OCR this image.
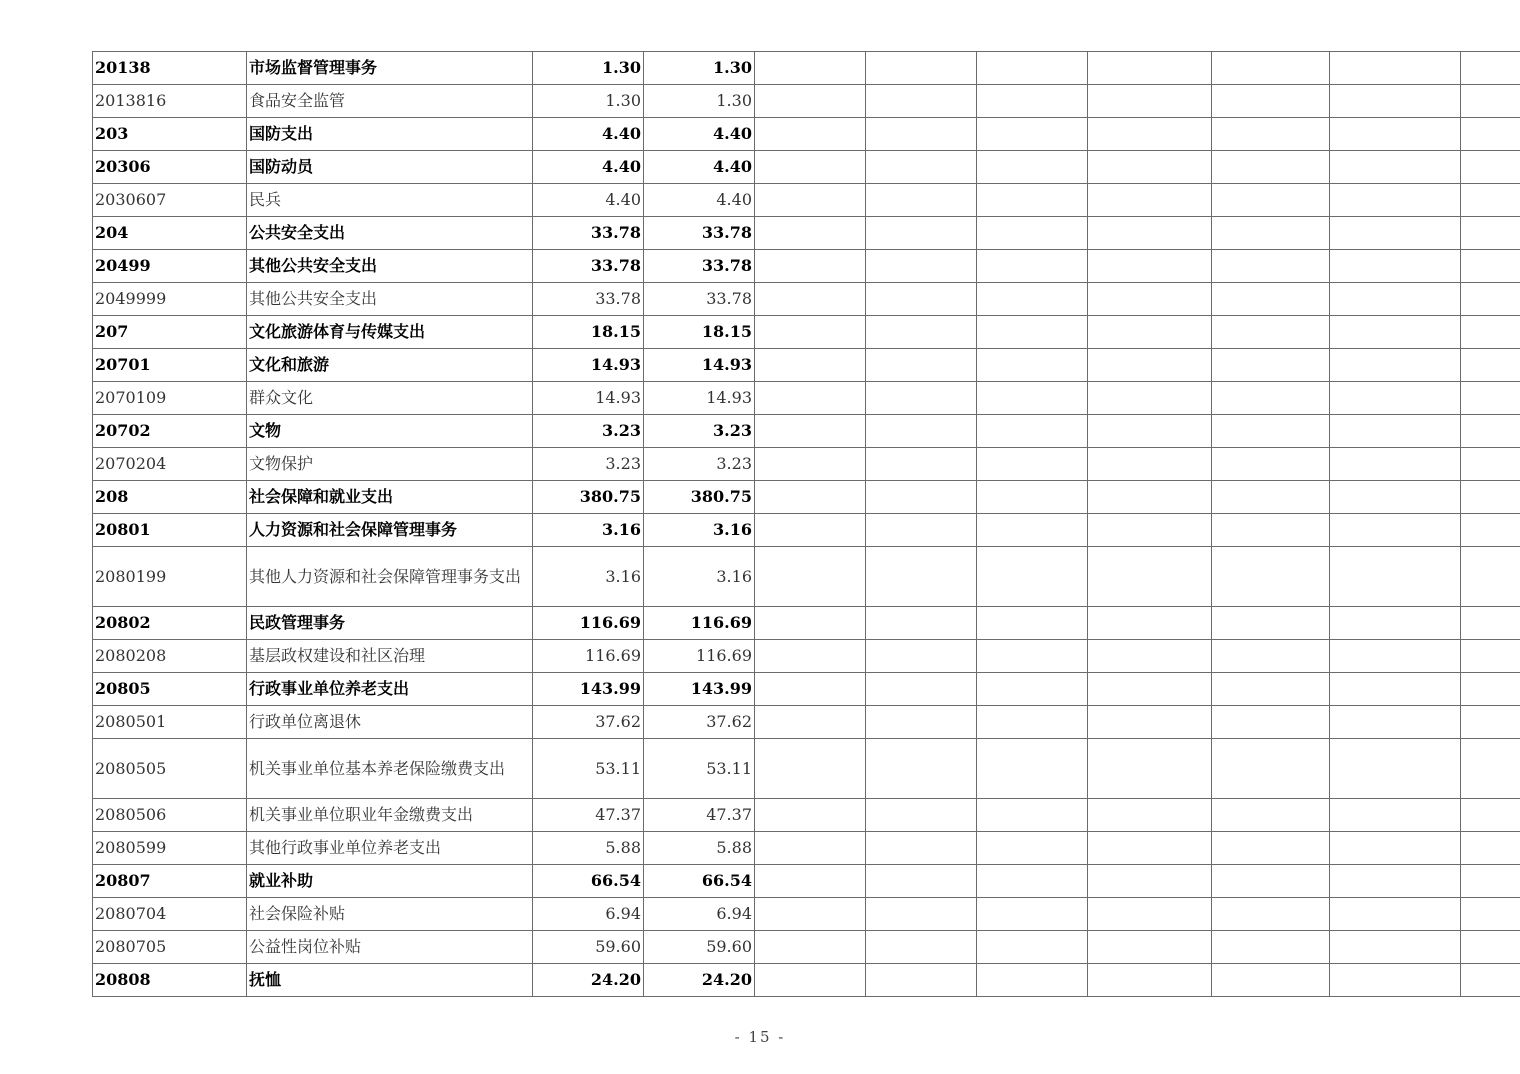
20138	市场监督管理事务	1.30	1.30							
2013816	食品安全监管	1.30	1.30							
203	国防支出	4.40	4.40							
20306	国防动员	4.40	4.40							
2030607	民兵	4.40	4.40							
204	公共安全支出	33.78	33.78							
20499	其他公共安全支出	33.78	33.78							
2049999	其他公共安全支出	33.78	33.78							
207	文化旅游体育与传媒支出	18.15	18.15							
20701	文化和旅游	14.93	14.93							
2070109	群众文化	14.93	14.93							
20702	文物	3.23	3.23							
2070204	文物保护	3.23	3.23							
208	社会保障和就业支出	380.75	380.75							
20801	人力资源和社会保障管理事务	3.16	3.16							
2080199	其他人力资源和社会保障管理事务支出	3.16	3.16							
20802	民政管理事务	116.69	116.69							
2080208	基层政权建设和社区治理	116.69	116.69							
20805	行政事业单位养老支出	143.99	143.99							
2080501	行政单位离退休	37.62	37.62							
2080505	机关事业单位基本养老保险缴费支出	53.11	53.11							
2080506	机关事业单位职业年金缴费支出	47.37	47.37							
2080599	其他行政事业单位养老支出	5.88	5.88							
20807	就业补助	66.54	66.54							
2080704	社会保险补贴	6.94	6.94							
2080705	公益性岗位补贴	59.60	59.60							
20808	抚恤	24.20	24.20							
- 15 -
